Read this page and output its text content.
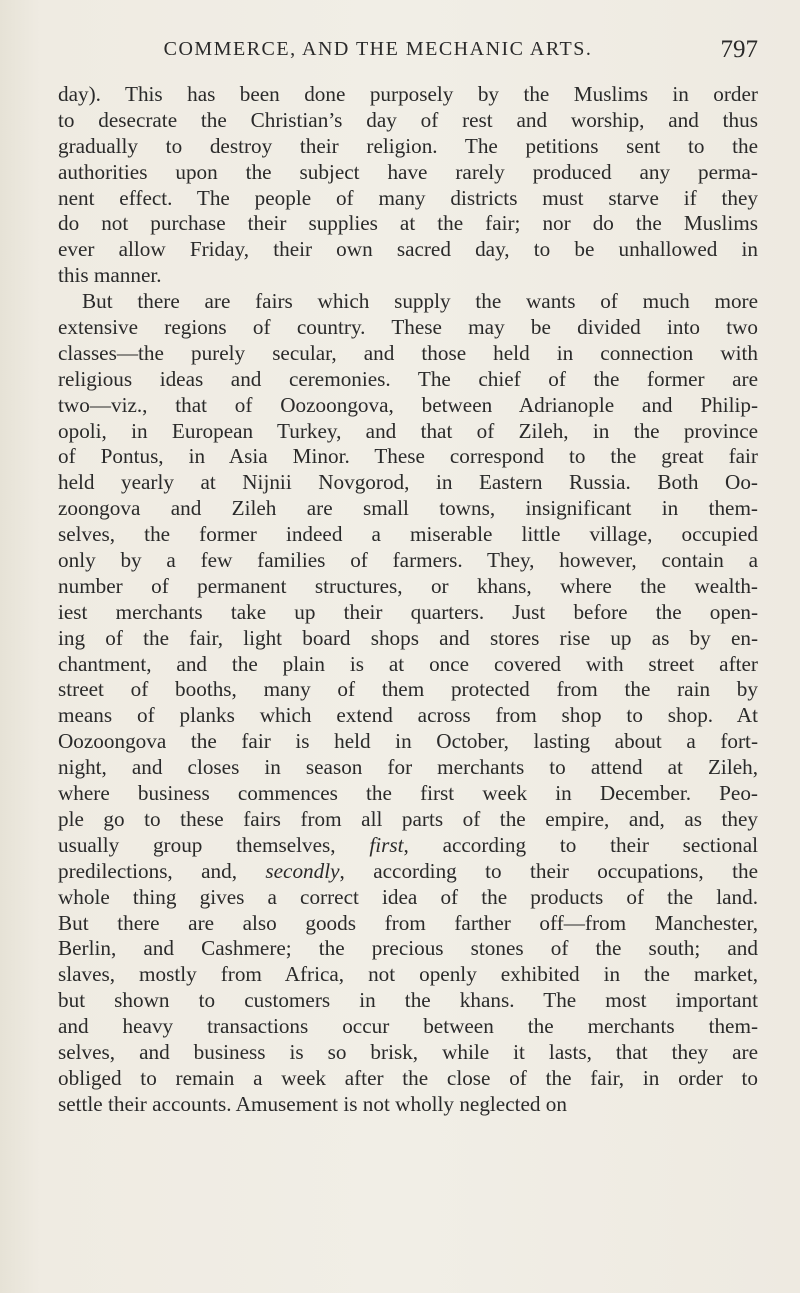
COMMERCE, AND THE MECHANIC ARTS.	797
day). This has been done purposely by the Muslims in order
to desecrate the Christian’s day of rest and worship, and thus
gradually to destroy their religion. The petitions sent to the
authorities upon the subject have rarely produced any perma-
nent effect. The people of many districts must starve if they
do not purchase their supplies at the fair; nor do the Muslims
ever allow Friday, their own sacred day, to be unhallowed in
this manner.
But there are fairs which supply the wants of much more
extensive regions of country. These may be divided into two
classes—the purely secular, and those held in connection with
religious ideas and ceremonies. The chief of the former are
two—viz., that of Oozoongova, between Adrianople and Philip-
opoli, in European Turkey, and that of Zileh, in the province
of Pontus, in Asia Minor. These correspond to the great fair
held yearly at Nijnii Novgorod, in Eastern Russia. Both Oo-
zoongova and Zileh are small towns, insignificant in them-
selves, the former indeed a miserable little village, occupied
only by a few families of farmers. They, however, contain a
number of permanent structures, or khans, where the wealth-
iest merchants take up their quarters. Just before the open-
ing of the fair, light board shops and stores rise up as by en-
chantment, and the plain is at once covered with street after
street of booths, many of them protected from the rain by
means of planks which extend across from shop to shop. At
Oozoongova the fair is held in October, lasting about a fort-
night, and closes in season for merchants to attend at Zileh,
where business commences the first week in December. Peo-
ple go to these fairs from all parts of the empire, and, as they
usually group themselves, first, according to their sectional
predilections, and, secondly, according to their occupations, the
whole thing gives a correct idea of the products of the land.
But there are also goods from farther off—from Manchester,
Berlin, and Cashmere; the precious stones of the south; and
slaves, mostly from Africa, not openly exhibited in the market,
but shown to customers in the khans. The most important
and heavy transactions occur between the merchants them-
selves, and business is so brisk, while it lasts, that they are
obliged to remain a week after the close of the fair, in order to
settle their accounts. Amusement is not wholly neglected on
